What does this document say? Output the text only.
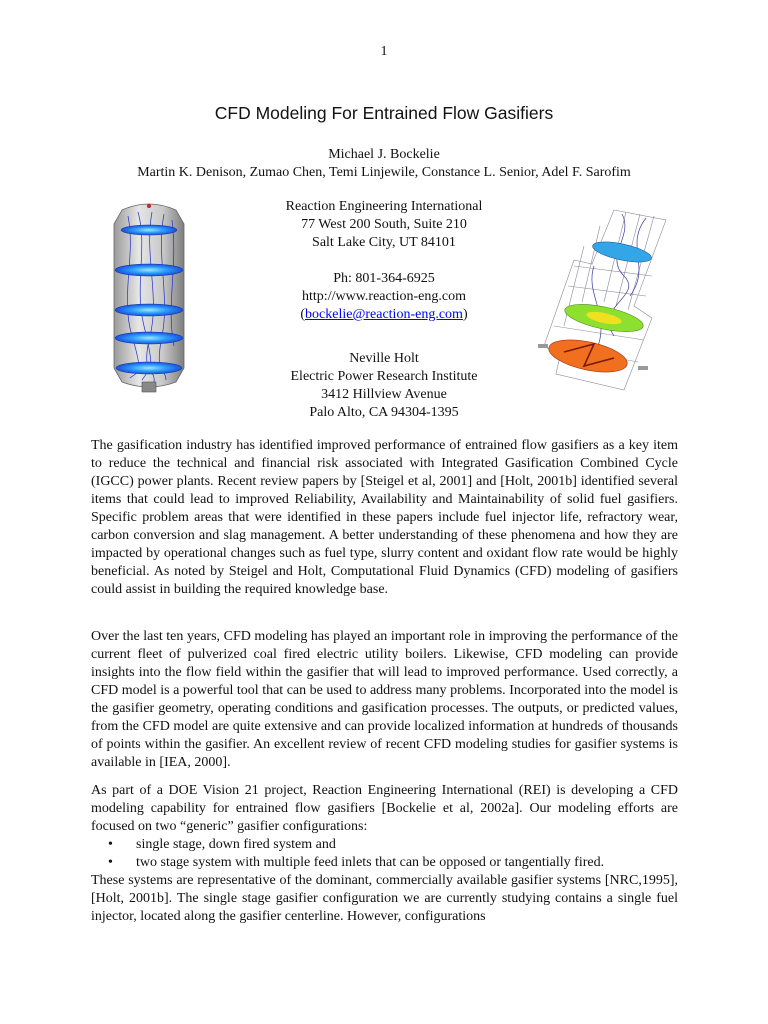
1
CFD Modeling For Entrained Flow Gasifiers
Michael J. Bockelie
Martin K. Denison, Zumao Chen, Temi Linjewile, Constance L. Senior, Adel F. Sarofim
Reaction Engineering International
77 West 200 South, Suite 210
Salt Lake City, UT 84101
Ph: 801-364-6925
http://www.reaction-eng.com
(bockelie@reaction-eng.com)
Neville Holt
Electric Power Research Institute
3412 Hillview Avenue
Palo Alto, CA 94304-1395

The gasification industry has identified improved performance of entrained flow gasifiers as a key item to reduce the technical and financial risk associated with Integrated Gasification Combined Cycle (IGCC) power plants. Recent review papers by [Steigel et al, 2001] and [Holt, 2001b] identified several items that could lead to improved Reliability, Availability and Maintainability of solid fuel gasifiers. Specific problem areas that were identified in these papers include fuel injector life, refractory wear, carbon conversion and slag management. A better understanding of these phenomena and how they are impacted by operational changes such as fuel type, slurry content and oxidant flow rate would be highly beneficial. As noted by Steigel and Holt, Computational Fluid Dynamics (CFD) modeling of gasifiers could assist in building the required knowledge base.

Over the last ten years, CFD modeling has played an important role in improving the performance of the current fleet of pulverized coal fired electric utility boilers. Likewise, CFD modeling can provide insights into the flow field within the gasifier that will lead to improved performance. Used correctly, a CFD model is a powerful tool that can be used to address many problems. Incorporated into the model is the gasifier geometry, operating conditions and gasification processes. The outputs, or predicted values, from the CFD model are quite extensive and can provide localized information at hundreds of thousands of points within the gasifier. An excellent review of recent CFD modeling studies for gasifier systems is available in [IEA, 2000].

As part of a DOE Vision 21 project, Reaction Engineering International (REI) is developing a CFD modeling capability for entrained flow gasifiers [Bockelie et al, 2002a]. Our modeling efforts are focused on two “generic” gasifier configurations:

• single stage, down fired system and
• two stage system with multiple feed inlets that can be opposed or tangentially fired.

These systems are representative of the dominant, commercially available gasifier systems [NRC,1995], [Holt, 2001b]. The single stage gasifier configuration we are currently studying contains a single fuel injector, located along the gasifier centerline. However, configurations
